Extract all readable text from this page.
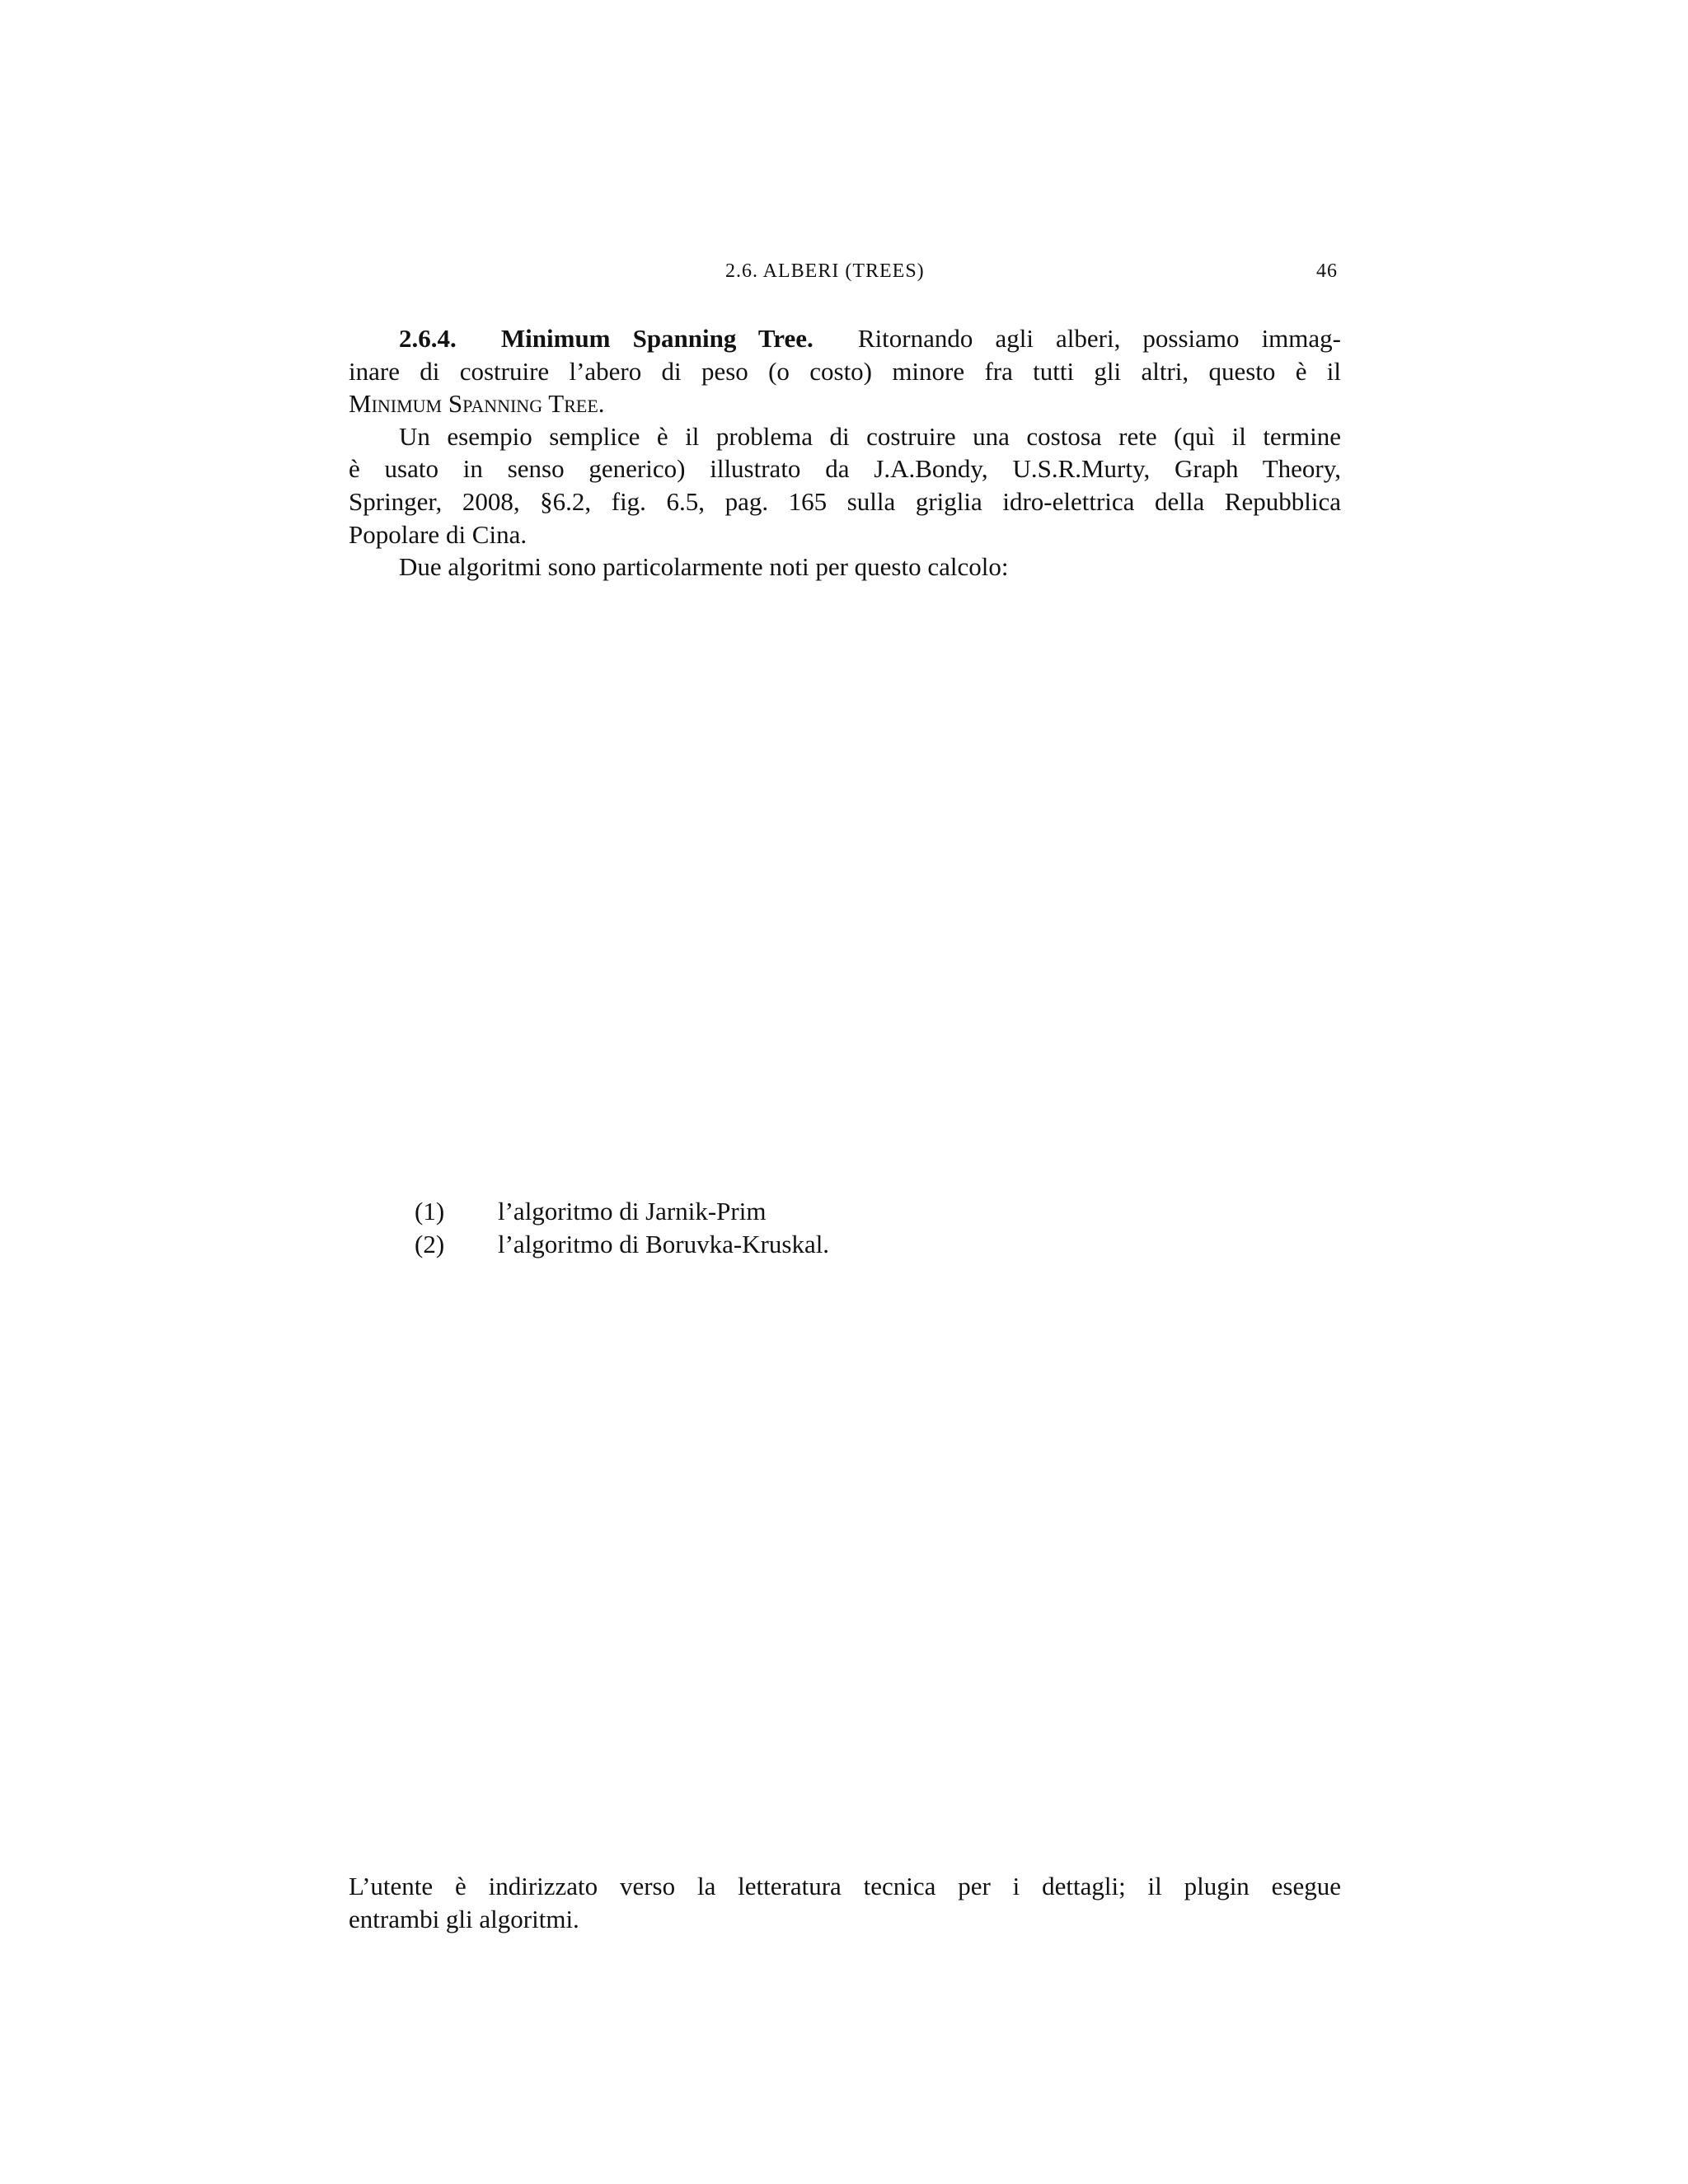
2.6. ALBERI (TREES)	46
2.6.4. Minimum Spanning Tree. Ritornando agli alberi, possiamo immag-
inare di costruire l’abero di peso (o costo) minore fra tutti gli altri, questo è il
Minimum Spanning Tree.
Un esempio semplice è il problema di costruire una costosa rete (quì il termine
è usato in senso generico) illustrato da J.A.Bondy, U.S.R.Murty, Graph Theory,
Springer, 2008, §6.2, fig. 6.5, pag. 165 sulla griglia idro-elettrica della Repubblica
Popolare di Cina.
Due algoritmi sono particolarmente noti per questo calcolo:
(1) l’algoritmo di Jarnik-Prim
(2) l’algoritmo di Boruvka-Kruskal.
L’utente è indirizzato verso la letteratura tecnica per i dettagli; il plugin esegue
entrambi gli algoritmi.
